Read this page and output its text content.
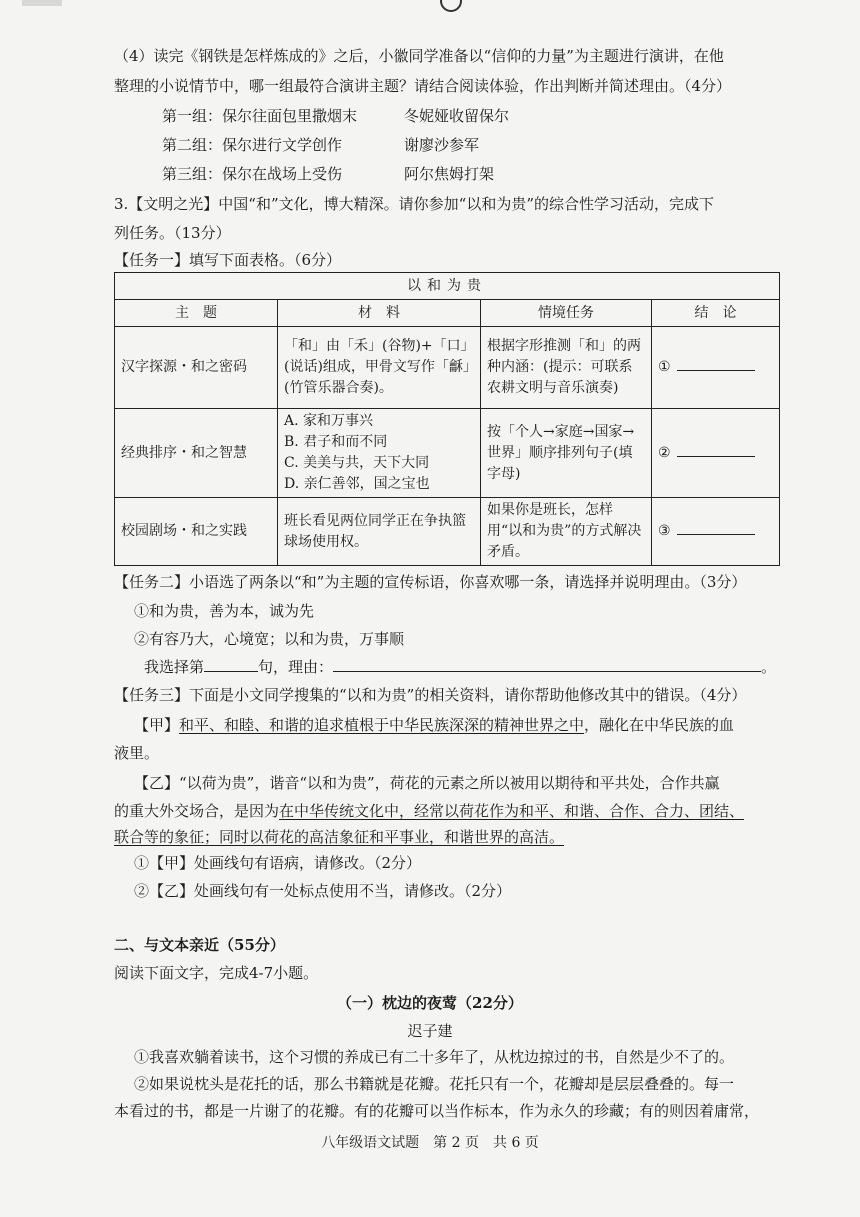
（4）读完《钢铁是怎样炼成的》之后，小徽同学准备以“信仰的力量”为主题进行演讲，在他
整理的小说情节中，哪一组最符合演讲主题？请结合阅读体验，作出判断并简述理由。（4分）
第一组：保尔往面包里撒烟末	冬妮娅收留保尔
第二组：保尔进行文学创作	谢廖沙参军
第三组：保尔在战场上受伤	阿尔焦姆打架
3.【文明之光】中国“和”文化，博大精深。请你参加“以和为贵”的综合性学习活动，完成下
列任务。（13分）
【任务一】填写下面表格。（6分）
以和为贵			
主　题	材　料	情境任务	结　论
汉字探源・和之密码	「和」由「禾」(谷物)+「口」(说话)组成，甲骨文写作「龢」(竹管乐器合奏)。	根据字形推测「和」的两种内涵：(提示：可联系农耕文明与音乐演奏)	①
经典排序・和之智慧	A. 家和万事兴
B. 君子和而不同
C. 美美与共，天下大同
D. 亲仁善邻，国之宝也	按「个人→家庭→国家→世界」顺序排列句子(填字母)	②
校园剧场・和之实践	班长看见两位同学正在争执篮球场使用权。	如果你是班长，怎样用“以和为贵”的方式解决矛盾。	③
【任务二】小语选了两条以“和”为主题的宣传标语，你喜欢哪一条，请选择并说明理由。（3分）
①和为贵，善为本，诚为先
②有容乃大，心境宽；以和为贵，万事顺
我选择第	句，理由：	。
【任务三】下面是小文同学搜集的“以和为贵”的相关资料，请你帮助他修改其中的错误。（4分）
【甲】和平、和睦、和谐的追求植根于中华民族深深的精神世界之中，融化在中华民族的血
液里。
【乙】“以荷为贵”，谐音“以和为贵”，荷花的元素之所以被用以期待和平共处，合作共赢
的重大外交场合，是因为在中华传统文化中，经常以荷花作为和平、和谐、合作、合力、团结、
联合等的象征；同时以荷花的高洁象征和平事业，和谐世界的高洁。
①【甲】处画线句有语病，请修改。（2分）
②【乙】处画线句有一处标点使用不当，请修改。（2分）
二、与文本亲近（55分）
阅读下面文字，完成4-7小题。
（一）枕边的夜莺（22分）
迟子建
①我喜欢躺着读书，这个习惯的养成已有二十多年了，从枕边掠过的书，自然是少不了的。
②如果说枕头是花托的话，那么书籍就是花瓣。花托只有一个，花瓣却是层层叠叠的。每一
本看过的书，都是一片谢了的花瓣。有的花瓣可以当作标本，作为永久的珍藏；有的则因着庸常，
八年级语文试题　第 2 页　共 6 页
